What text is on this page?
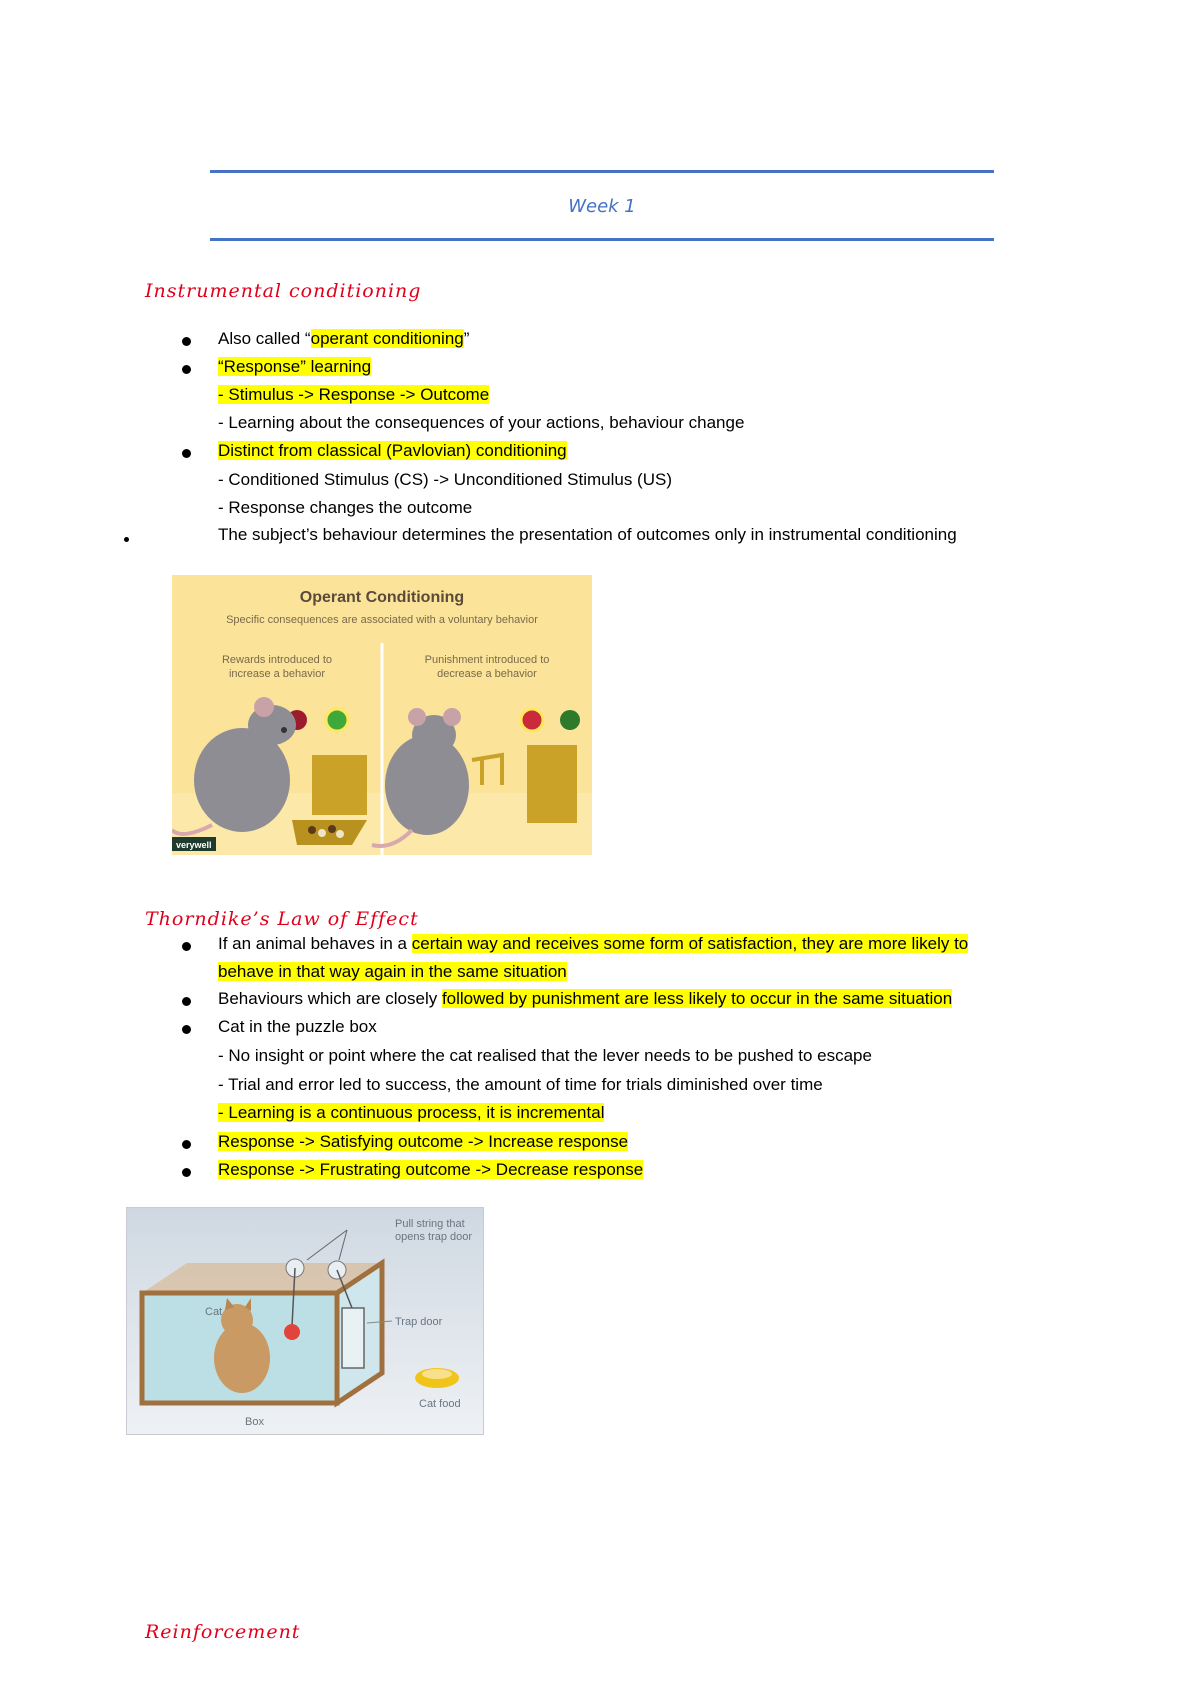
Week 1
Instrumental conditioning
Also called “operant conditioning”
“Response” learning
- Stimulus -> Response -> Outcome
- Learning about the consequences of your actions, behaviour change
Distinct from classical (Pavlovian) conditioning
- Conditioned Stimulus (CS) -> Unconditioned Stimulus (US)
- Response changes the outcome
The subject’s behaviour determines the presentation of outcomes only in instrumental conditioning
Operant Conditioning
Specific consequences are associated with a voluntary behavior
Rewards introduced to
increase a behavior
Punishment introduced to
decrease a behavior
verywell
Thorndike’s Law of Effect
If an animal behaves in a certain way and receives some form of satisfaction, they are more likely to
behave in that way again in the same situation
Behaviours which are closely followed by punishment are less likely to occur in the same situation
Cat in the puzzle box
- No insight or point where the cat realised that the lever needs to be pushed to escape
- Trial and error led to success, the amount of time for trials diminished over time
- Learning is a continuous process, it is incremental
Response -> Satisfying outcome -> Increase response
Response -> Frustrating outcome -> Decrease response
Pull string that
opens trap door
Trap door
Cat
Box
Cat food
Reinforcement
